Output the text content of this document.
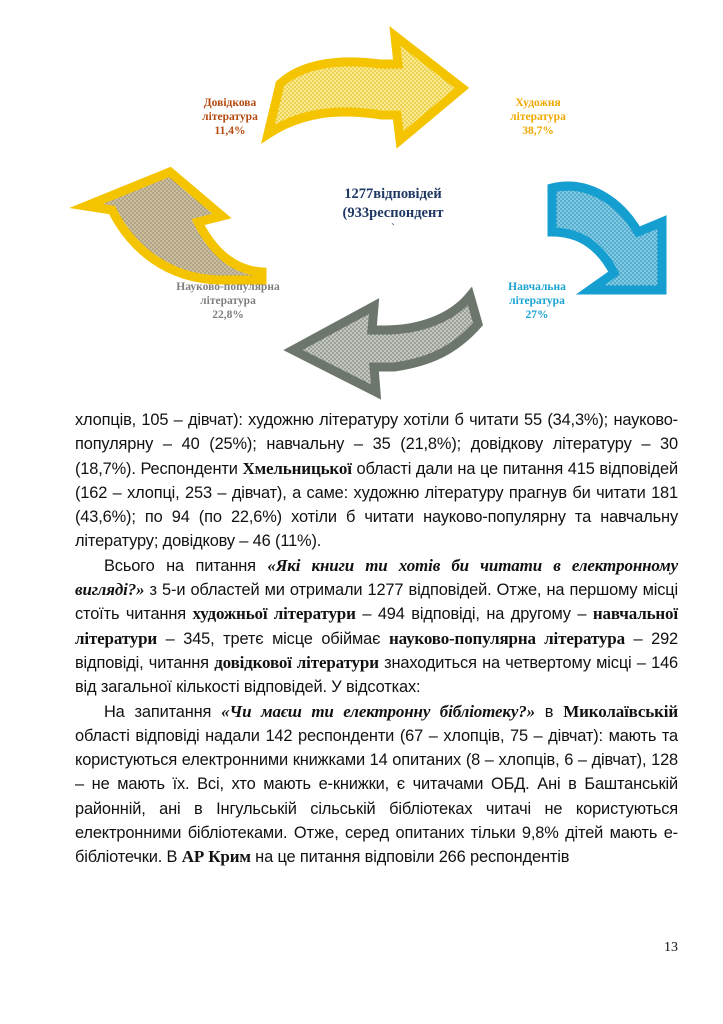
Довідкова
література
11,4%
Художня
література
38,7%
Навчальна
література
27%
Науково-популярна
література
22,8%
1277відповідей
(933респондент
`

хлопців, 105 – дівчат): художню літературу хотіли б читати 55 (34,3%); науково-популярну – 40 (25%); навчальну – 35 (21,8%); довідкову літературу – 30 (18,7%). Респонденти Хмельницької області дали на це питання 415 відповідей (162 – хлопці, 253 – дівчат), а саме: художню літературу прагнув би читати 181 (43,6%); по 94 (по 22,6%) хотіли б читати науково-популярну та навчальну літературу; довідкову – 46 (11%).

Всього на питання «Які книги ти хотів би читати в електронному вигляді?» з 5-и областей ми отримали 1277 відповідей. Отже, на першому місці стоїть читання художньої літератури – 494 відповіді, на другому – навчальної літератури – 345, третє місце обіймає науково-популярна література – 292 відповіді, читання довідкової літератури знаходиться на четвертому місці – 146 від загальної кількості відповідей. У відсотках:

На запитання «Чи маєш ти електронну бібліотеку?» в Миколаївській області відповіді надали 142 респонденти (67 – хлопців, 75 – дівчат): мають та користуються електронними книжками 14 опитаних (8 – хлопців, 6 – дівчат), 128 – не мають їх. Всі, хто мають е-книжки, є читачами ОБД. Ані в Баштанській районній, ані в Інгульській сільській бібліотеках читачі не користуються електронними бібліотеками. Отже, серед опитаних тільки 9,8% дітей мають е-бібліотечки. В АР Крим на це питання відповіли 266 респондентів

13
